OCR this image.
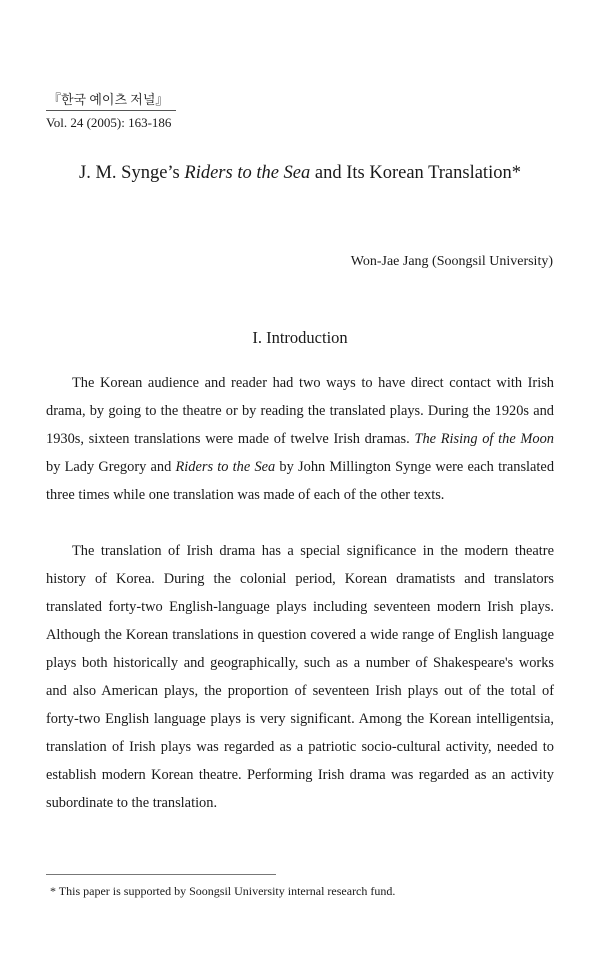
『한국 예이츠 저널』
Vol. 24 (2005): 163-186
J. M. Synge’s Riders to the Sea and Its Korean Translation*
Won-Jae Jang (Soongsil University)
I. Introduction

The Korean audience and reader had two ways to have direct contact with Irish drama, by going to the theatre or by reading the translated plays. During the 1920s and 1930s, sixteen translations were made of twelve Irish dramas. The Rising of the Moon by Lady Gregory and Riders to the Sea by John Millington Synge were each translated three times while one translation was made of each of the other texts.

The translation of Irish drama has a special significance in the modern theatre history of Korea. During the colonial period, Korean dramatists and translators translated forty-two English-language plays including seventeen modern Irish plays. Although the Korean translations in question covered a wide range of English language plays both historically and geographically, such as a number of Shakespeare's works and also American plays, the proportion of seventeen Irish plays out of the total of forty-two English language plays is very significant. Among the Korean intelligentsia, translation of Irish plays was regarded as a patriotic socio-cultural activity, needed to establish modern Korean theatre. Performing Irish drama was regarded as an activity subordinate to the translation.

* This paper is supported by Soongsil University internal research fund.
